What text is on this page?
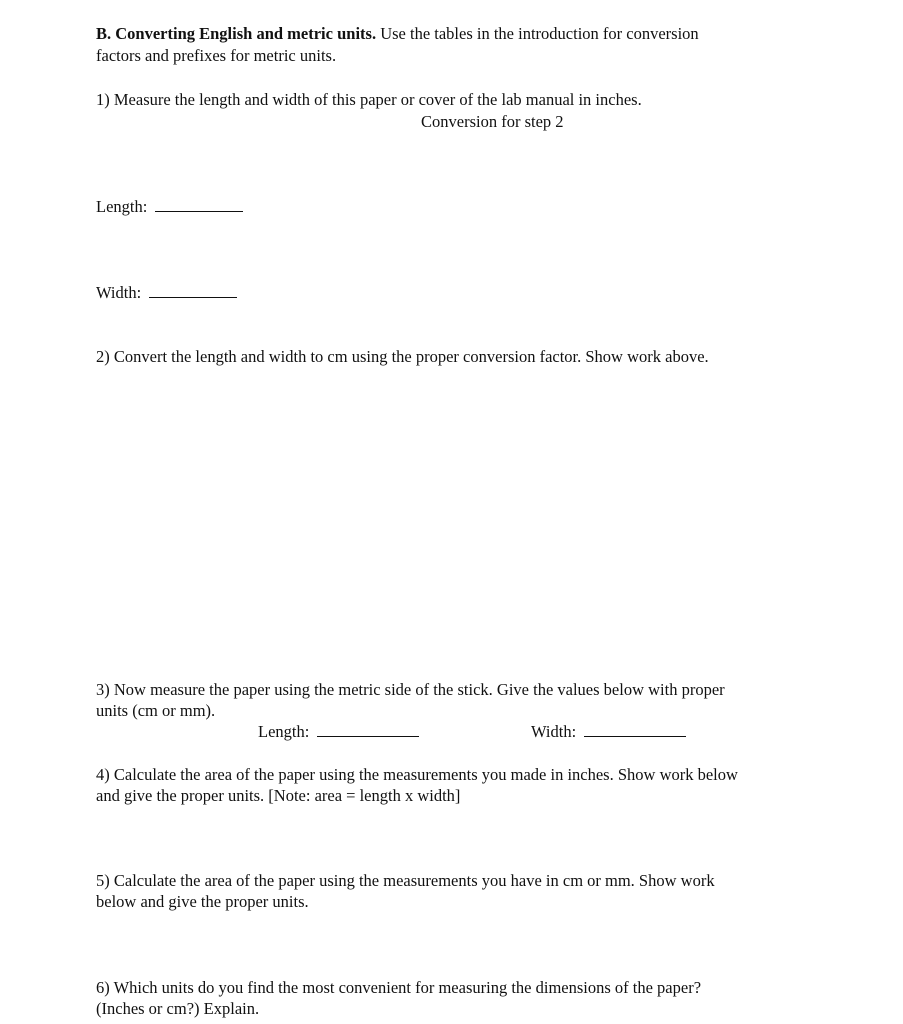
B. Converting English and metric units. Use the tables in the introduction for conversion
factors and prefixes for metric units.
1) Measure the length and width of this paper or cover of the lab manual in inches.
Conversion for step 2
Length:
Width:
2) Convert the length and width to cm using the proper conversion factor. Show work above.
3) Now measure the paper using the metric side of the stick. Give the values below with proper
units (cm or mm).
Length:	Width:
4) Calculate the area of the paper using the measurements you made in inches. Show work below
and give the proper units. [Note: area = length x width]
5) Calculate the area of the paper using the measurements you have in cm or mm. Show work
below and give the proper units.
6) Which units do you find the most convenient for measuring the dimensions of the paper?
(Inches or cm?) Explain.
